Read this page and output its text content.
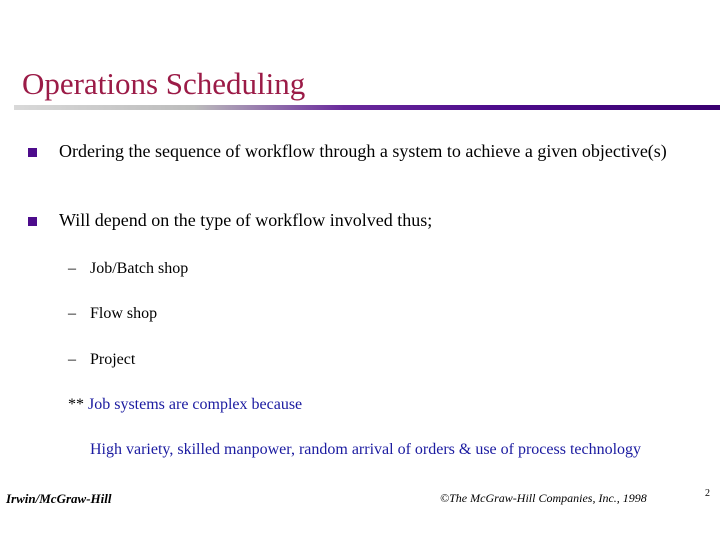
Operations Scheduling
Ordering the sequence of workflow through a system to achieve a given objective(s)
Will depend on the type of workflow involved thus;
– Job/Batch shop
– Flow shop
– Project
** Job systems are complex because
High variety, skilled manpower, random arrival of orders & use of process technology
Irwin/McGraw-Hill	©The McGraw-Hill Companies, Inc., 1998	2
